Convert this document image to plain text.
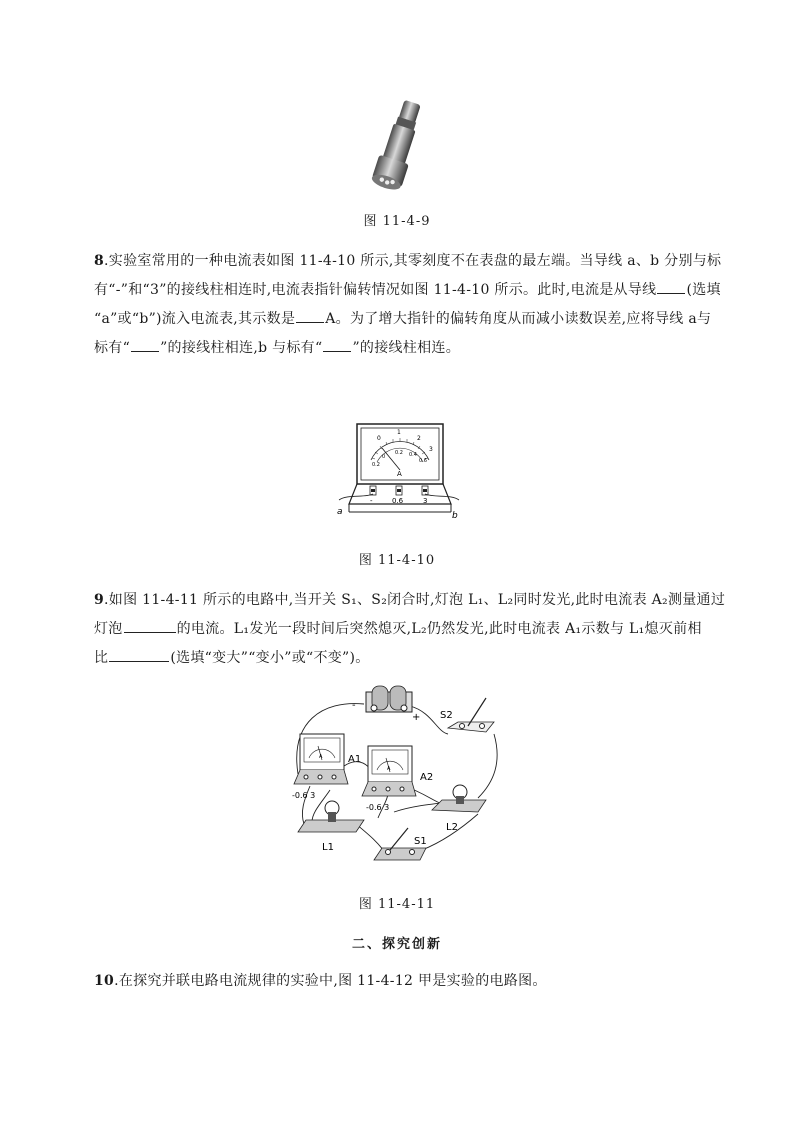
图 11-4-9

8.实验室常用的一种电流表如图 11-4-10 所示,其零刻度不在表盘的最左端。当导线 a、b 分别与标

有“-”和“3”的接线柱相连时,电流表指针偏转情况如图 11-4-10 所示。此时,电流是从导线 (选填

“a”或“b”)流入电流表,其示数是 A。为了增大指针的偏转角度从而减小读数误差,应将导线 a与

标有“ ”的接线柱相连,b 与标有“ ”的接线柱相连。

0
1
2
3
0.2
0
0.2 0.4
0.6
A
-	0.6	3
a	b
图 11-4-10

9.如图 11-4-11 所示的电路中,当开关 S₁、S₂闭合时,灯泡 L₁、L₂同时发光,此时电流表 A₂测量通过

灯泡	的电流。L₁发光一段时间后突然熄灭,L₂仍然发光,此时电流表 A₁示数与 L₁熄灭前相

比	(选填“变大”“变小”或“不变”)。

-
+ S2
A	A1
-0.6 3
A
A2
-0.6 3
L2
L1
S1
图 11-4-11
二、探究创新

10.在探究并联电路电流规律的实验中,图 11-4-12 甲是实验的电路图。
